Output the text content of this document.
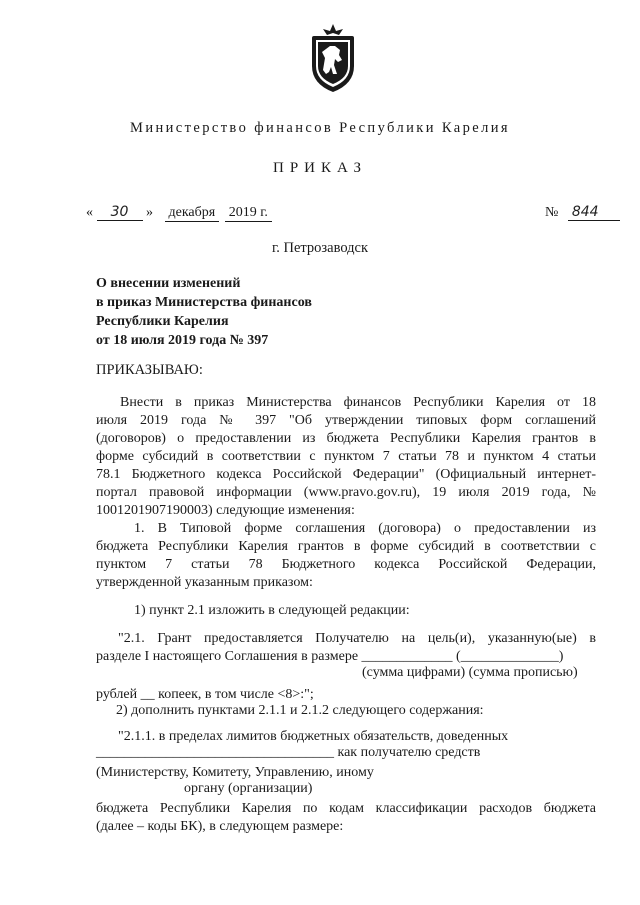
Министерство финансов Республики Карелия
ПРИКАЗ
« 30 » декабря 2019 г.	№ 844
г. Петрозаводск
О внесении изменений
в приказ Министерства финансов
Республики Карелия
от 18 июля 2019 года № 397
ПРИКАЗЫВАЮ:
Внести в приказ Министерства финансов Республики Карелия от 18
июля 2019 года № 397 "Об утверждении типовых форм соглашений
(договоров) о предоставлении из бюджета Республики Карелия грантов в
форме субсидий в соответствии с пунктом 7 статьи 78 и пунктом 4 статьи
78.1 Бюджетного кодекса Российской Федерации" (Официальный интернет-
портал правовой информации (www.pravo.gov.ru), 19 июля 2019 года, №
1001201907190003) следующие изменения:
1. В Типовой форме соглашения (договора) о предоставлении из
бюджета Республики Карелия грантов в форме субсидий в соответствии с
пунктом 7 статьи 78 Бюджетного кодекса Российской Федерации,
утвержденной указанным приказом:
1) пункт 2.1 изложить в следующей редакции:
"2.1. Грант предоставляется Получателю на цель(и), указанную(ые) в
разделе I настоящего Соглашения в размере _____________ (______________)
(сумма цифрами) (сумма прописью)
рублей __ копеек, в том числе <8>:";
2) дополнить пунктами 2.1.1 и 2.1.2 следующего содержания:
"2.1.1. в пределах лимитов бюджетных обязательств, доведенных
__________________________________ как получателю средств
(Министерству, Комитету, Управлению, иному
органу (организации)
бюджета Республики Карелия по кодам классификации расходов бюджета
(далее – коды БК), в следующем размере:
